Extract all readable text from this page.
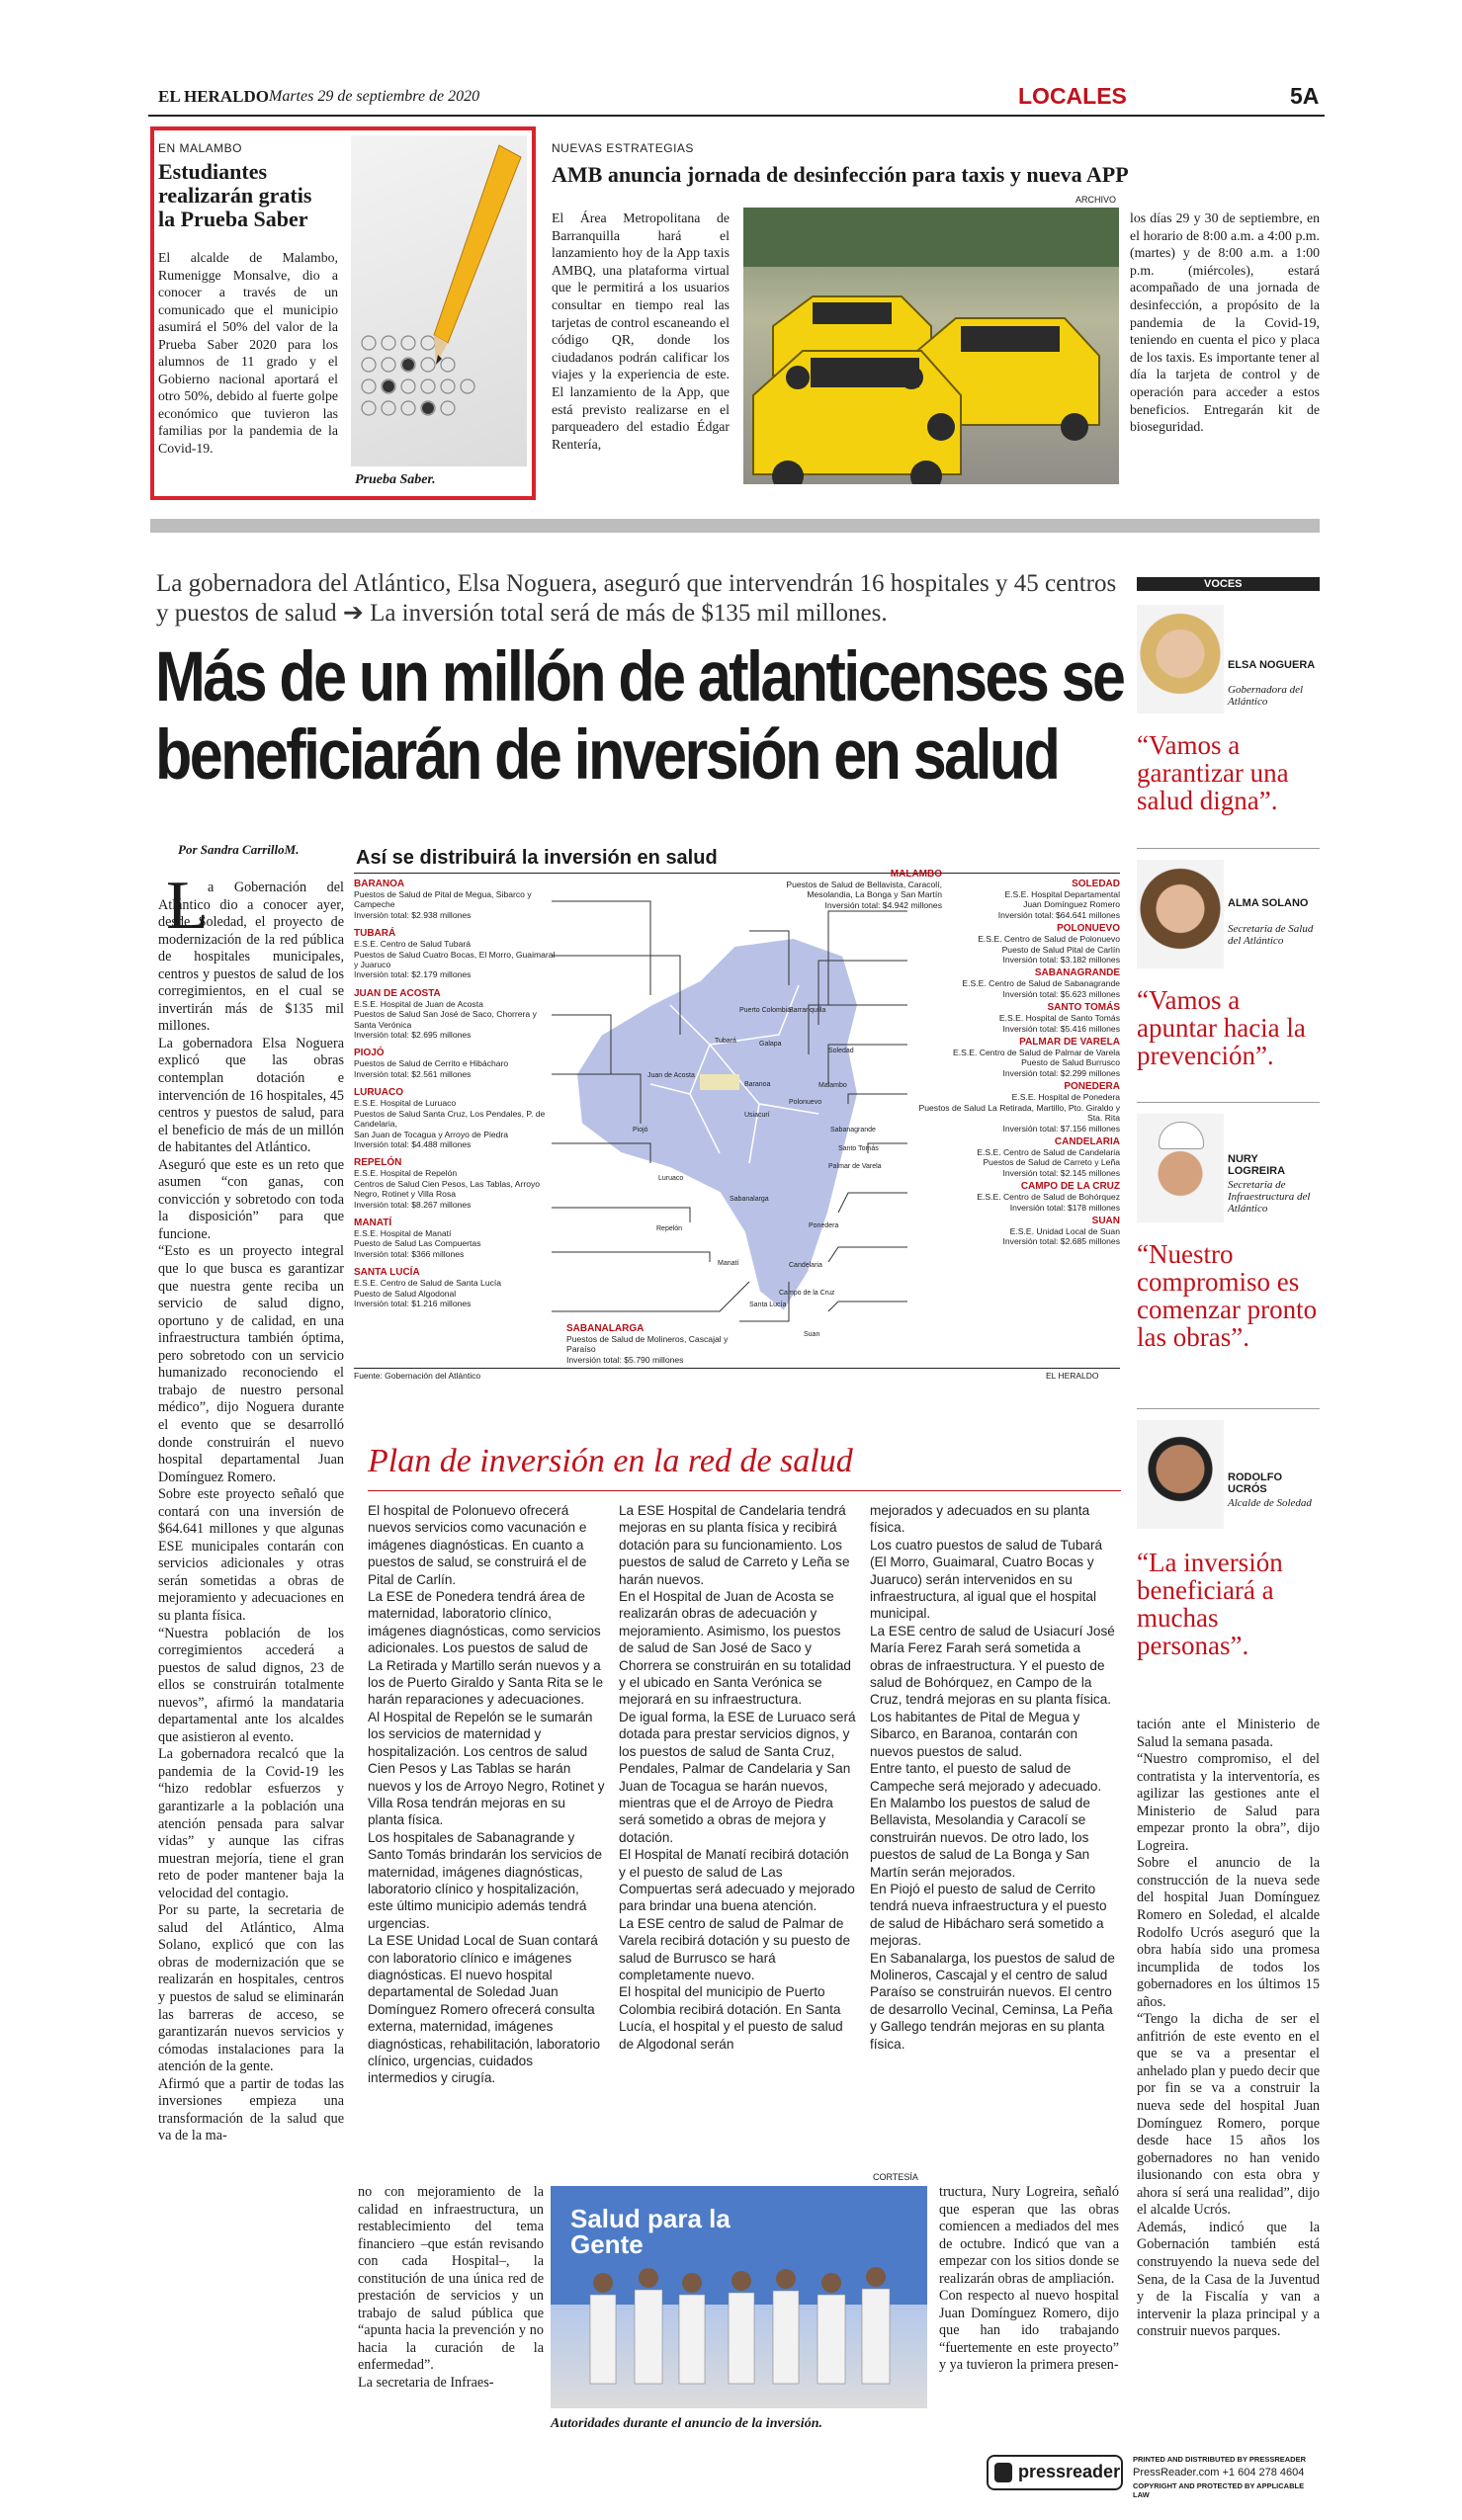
EL HERALDO Martes 29 de septiembre de 2020	LOCALES	5A
EN MALAMBO
Estudiantes realizarán gratis la Prueba Saber
El alcalde de Malambo, Rumenigge Monsalve, dio a conocer a través de un comunicado que el municipio asumirá el 50% del valor de la Prueba Saber 2020 para los alumnos de 11 grado y el Gobierno nacional aportará el otro 50%, debido al fuerte golpe económico que tuvieron las familias por la pandemia de la Covid-19.
Prueba Saber.
NUEVAS ESTRATEGIAS
AMB anuncia jornada de desinfección para taxis y nueva APP
ARCHIVO
El Área Metropolitana de Barranquilla hará el lanzamiento hoy de la App taxis AMBQ, una plataforma virtual que le permitirá a los usuarios consultar en tiempo real las tarjetas de control escaneando el código QR, donde los ciudadanos podrán calificar los viajes y la experiencia de este. El lanzamiento de la App, que está previsto realizarse en el parqueadero del estadio Édgar Rentería,
los días 29 y 30 de septiembre, en el horario de 8:00 a.m. a 4:00 p.m. (martes) y de 8:00 a.m. a 1:00 p.m. (miércoles), estará acompañado de una jornada de desinfección, a propósito de la pandemia de la Covid-19, teniendo en cuenta el pico y placa de los taxis. Es importante tener al día la tarjeta de control y de operación para acceder a estos beneficios. Entregarán kit de bioseguridad.
La gobernadora del Atlántico, Elsa Noguera, aseguró que intervendrán 16 hospitales y 45 centros y puestos de salud ➔ La inversión total será de más de $135 mil millones.
Más de un millón de atlanticenses se beneficiarán de inversión en salud
Por Sandra CarrilloM.
L a Gobernación del Atlántico dio a conocer ayer, desde Soledad, el proyecto de modernización de la red pública de hospitales municipales, centros y puestos de salud de los corregimientos, en el cual se invertirán más de $135 mil millones.
La gobernadora Elsa Noguera explicó que las obras contemplan dotación e intervención de 16 hospitales, 45 centros y puestos de salud, para el beneficio de más de un millón de habitantes del Atlántico.
Aseguró que este es un reto que asumen “con ganas, con convicción y sobretodo con toda la disposición” para que funcione.
“Esto es un proyecto integral que lo que busca es garantizar que nuestra gente reciba un servicio de salud digno, oportuno y de calidad, en una infraestructura también óptima, pero sobretodo con un servicio humanizado reconociendo el trabajo de nuestro personal médico”, dijo Noguera durante el evento que se desarrolló donde construirán el nuevo hospital departamental Juan Domínguez Romero.
Sobre este proyecto señaló que contará con una inversión de $64.641 millones y que algunas ESE municipales contarán con servicios adicionales y otras serán sometidas a obras de mejoramiento y adecuaciones en su planta física.
“Nuestra población de los corregimientos accederá a puestos de salud dignos, 23 de ellos se construirán totalmente nuevos”, afirmó la mandataria departamental ante los alcaldes que asistieron al evento.
La gobernadora recalcó que la pandemia de la Covid-19 les “hizo redoblar esfuerzos y garantizarle a la población una atención pensada para salvar vidas” y aunque las cifras muestran mejoría, tiene el gran reto de poder mantener baja la velocidad del contagio.
Por su parte, la secretaria de salud del Atlántico, Alma Solano, explicó que con las obras de modernización que se realizarán en hospitales, centros y puestos de salud se eliminarán las barreras de acceso, se garantizarán nuevos servicios y cómodas instalaciones para la atención de la gente.
Afirmó que a partir de todas las inversiones empieza una transformación de la salud que va de la ma-
Así se distribuirá la inversión en salud
BARANOA
Puestos de Salud de Pital de Megua, Sibarco y Campeche
Inversión total: $2.938 millones
TUBARÁ
E.S.E. Centro de Salud Tubará
Puestos de Salud Cuatro Bocas, El Morro, Guaimaral y Juaruco
Inversión total: $2.179 millones
JUAN DE ACOSTA
E.S.E. Hospital de Juan de Acosta
Puestos de Salud San José de Saco, Chorrera y Santa Verónica
Inversión total: $2.695 millones
PIOJÓ
Puestos de Salud de Cerrito e Hibácharo
Inversión total: $2.561 millones
LURUACO
E.S.E. Hospital de Luruaco
Puestos de Salud Santa Cruz, Los Pendales, P. de Candelaria,
San Juan de Tocagua y Arroyo de Piedra
Inversión total: $4.488 millones
REPELÓN
E.S.E. Hospital de Repelón
Centros de Salud Cien Pesos, Las Tablas, Arroyo Negro, Rotinet y Villa Rosa
Inversión total: $8.267 millones
MANATÍ
E.S.E. Hospital de Manatí
Puesto de Salud Las Compuertas
Inversión total: $366 millones
SANTA LUCÍA
E.S.E. Centro de Salud de Santa Lucía
Puesto de Salud Algodonal
Inversión total: $1.216 millones
SABANALARGA
Puestos de Salud de Molineros, Cascajal y Paraíso
Inversión total: $5.790 millones
MALAMBO
Puestos de Salud de Bellavista, Caracolí,
Mesolandia, La Bonga y San Martín
Inversión total: $4.942 millones
SOLEDAD
E.S.E. Hospital Departamental
Juan Domínguez Romero
Inversión total: $64.641 millones
POLONUEVO
E.S.E. Centro de Salud de Polonuevo
Puesto de Salud Pital de Carlín
Inversión total: $3.182 millones
SABANAGRANDE
E.S.E. Centro de Salud de Sabanagrande
Inversión total: $5.623 millones
SANTO TOMÁS
E.S.E. Hospital de Santo Tomás
Inversión total: $5.416 millones
PALMAR DE VARELA
E.S.E. Centro de Salud de Palmar de Varela
Puesto de Salud Burrusco
Inversión total: $2.299 millones
PONEDERA
E.S.E. Hospital de Ponedera
Puestos de Salud La Retirada, Martillo, Pto. Giraldo y Sta. Rita
Inversión total: $7.156 millones
CANDELARIA
E.S.E. Centro de Salud de Candelaria
Puestos de Salud de Carreto y Leña
Inversión total: $2.145 millones
CAMPO DE LA CRUZ
E.S.E. Centro de Salud de Bohórquez
Inversión total: $178 millones
SUAN
E.S.E. Unidad Local de Suan
Inversión total: $2.685 millones
Puerto Colombia
Barranquilla
Galapa
Soledad
Malambo
Tubará
Baranoa
Polonuevo
Juan de Acosta
Usiacurí
Sabanagrande
Piojó
Sabanalarga
Luruaco
Repelón
Manatí	Candelaria
Campo de la Cruz
Santa Lucía
Suan
Ponedera
Palmar de Varela
Santo Tomás
Fuente: Gobernación del Atlántico	EL HERALDO
Plan de inversión en la red de salud
El hospital de Polonuevo ofrecerá nuevos servicios como vacunación e imágenes diagnósticas. En cuanto a puestos de salud, se construirá el de Pital de Carlín.
La ESE de Ponedera tendrá área de maternidad, laboratorio clínico, imágenes diagnósticas, como servicios adicionales. Los puestos de salud de La Retirada y Martillo serán nuevos y a los de Puerto Giraldo y Santa Rita se le harán reparaciones y adecuaciones.
Al Hospital de Repelón se le sumarán los servicios de maternidad y hospitalización. Los centros de salud Cien Pesos y Las Tablas se harán nuevos y los de Arroyo Negro, Rotinet y Villa Rosa tendrán mejoras en su planta física.
Los hospitales de Sabanagrande y Santo Tomás brindarán los servicios de maternidad, imágenes diagnósticas, laboratorio clínico y hospitalización, este último municipio además tendrá urgencias.
La ESE Unidad Local de Suan contará con laboratorio clínico e imágenes diagnósticas. El nuevo hospital departamental de Soledad Juan Domínguez Romero ofrecerá consulta externa, maternidad, imágenes diagnósticas, rehabilitación, laboratorio clínico, urgencias, cuidados intermedios y cirugía.
La ESE Hospital de Candelaria tendrá mejoras en su planta física y recibirá dotación para su funcionamiento. Los puestos de salud de Carreto y Leña se harán nuevos.
En el Hospital de Juan de Acosta se realizarán obras de adecuación y mejoramiento. Asimismo, los puestos de salud de San José de Saco y Chorrera se construirán en su totalidad y el ubicado en Santa Verónica se mejorará en su infraestructura.
De igual forma, la ESE de Luruaco será dotada para prestar servicios dignos, y los puestos de salud de Santa Cruz, Pendales, Palmar de Candelaria y San Juan de Tocagua se harán nuevos, mientras que el de Arroyo de Piedra será sometido a obras de mejora y dotación.
El Hospital de Manatí recibirá dotación y el puesto de salud de Las Compuertas será adecuado y mejorado para brindar una buena atención.
La ESE centro de salud de Palmar de Varela recibirá dotación y su puesto de salud de Burrusco se hará completamente nuevo.
El hospital del municipio de Puerto Colombia recibirá dotación. En Santa Lucía, el hospital y el puesto de salud de Algodonal serán
mejorados y adecuados en su planta física.
Los cuatro puestos de salud de Tubará (El Morro, Guaimaral, Cuatro Bocas y Juaruco) serán intervenidos en su infraestructura, al igual que el hospital municipal.
La ESE centro de salud de Usiacurí José María Ferez Farah será sometida a obras de infraestructura. Y el puesto de salud de Bohórquez, en Campo de la Cruz, tendrá mejoras en su planta física.
Los habitantes de Pital de Megua y Sibarco, en Baranoa, contarán con nuevos puestos de salud.
Entre tanto, el puesto de salud de Campeche será mejorado y adecuado.
En Malambo los puestos de salud de Bellavista, Mesolandia y Caracolí se construirán nuevos. De otro lado, los puestos de salud de La Bonga y San Martín serán mejorados.
En Piojó el puesto de salud de Cerrito tendrá nueva infraestructura y el puesto de salud de Hibácharo será sometido a mejoras.
En Sabanalarga, los puestos de salud de Molineros, Cascajal y el centro de salud Paraíso se construirán nuevos. El centro de desarrollo Vecinal, Ceminsa, La Peña y Gallego tendrán mejoras en su planta física.
no con mejoramiento de la calidad en infraestructura, un restablecimiento del tema financiero –que están revisando con cada Hospital–, la constitución de una única red de prestación de servicios y un trabajo de salud pública que “apunta hacia la prevención y no hacia la curación de la enfermedad”.
La secretaria de Infraes-
CORTESÍA
Salud para la Gente
Autoridades durante el anuncio de la inversión.
tructura, Nury Logreira, señaló que esperan que las obras comiencen a mediados del mes de octubre. Indicó que van a empezar con los sitios donde se realizarán obras de ampliación.
Con respecto al nuevo hospital Juan Domínguez Romero, dijo que han ido trabajando “fuertemente en este proyecto” y ya tuvieron la primera presen-
VOCES
ELSA NOGUERA
Gobernadora del Atlántico
“Vamos a garantizar una salud digna”.
ALMA SOLANO
Secretaria de Salud del Atlántico
“Vamos a apuntar hacia la prevención”.
NURY LOGREIRA
Secretaria de Infraestructura del Atlántico
“Nuestro compromiso es comenzar pronto las obras”.
RODOLFO UCRÓS
Alcalde de Soledad
“La inversión beneficiará a muchas personas”.
tación ante el Ministerio de Salud la semana pasada.
“Nuestro compromiso, el del contratista y la interventoría, es agilizar las gestiones ante el Ministerio de Salud para empezar pronto la obra”, dijo Logreira.
Sobre el anuncio de la construcción de la nueva sede del hospital Juan Domínguez Romero en Soledad, el alcalde Rodolfo Ucrós aseguró que la obra había sido una promesa incumplida de todos los gobernadores en los últimos 15 años.
“Tengo la dicha de ser el anfitrión de este evento en el que se va a presentar el anhelado plan y puedo decir que por fin se va a construir la nueva sede del hospital Juan Domínguez Romero, porque desde hace 15 años los gobernadores no han venido ilusionando con esta obra y ahora sí será una realidad”, dijo el alcalde Ucrós.
Además, indicó que la Gobernación también está construyendo la nueva sede del Sena, de la Casa de la Juventud y de la Fiscalía y van a intervenir la plaza principal y a construir nuevos parques.
pressreader
PRINTED AND DISTRIBUTED BY PRESSREADER
PressReader.com +1 604 278 4604
COPYRIGHT AND PROTECTED BY APPLICABLE LAW
